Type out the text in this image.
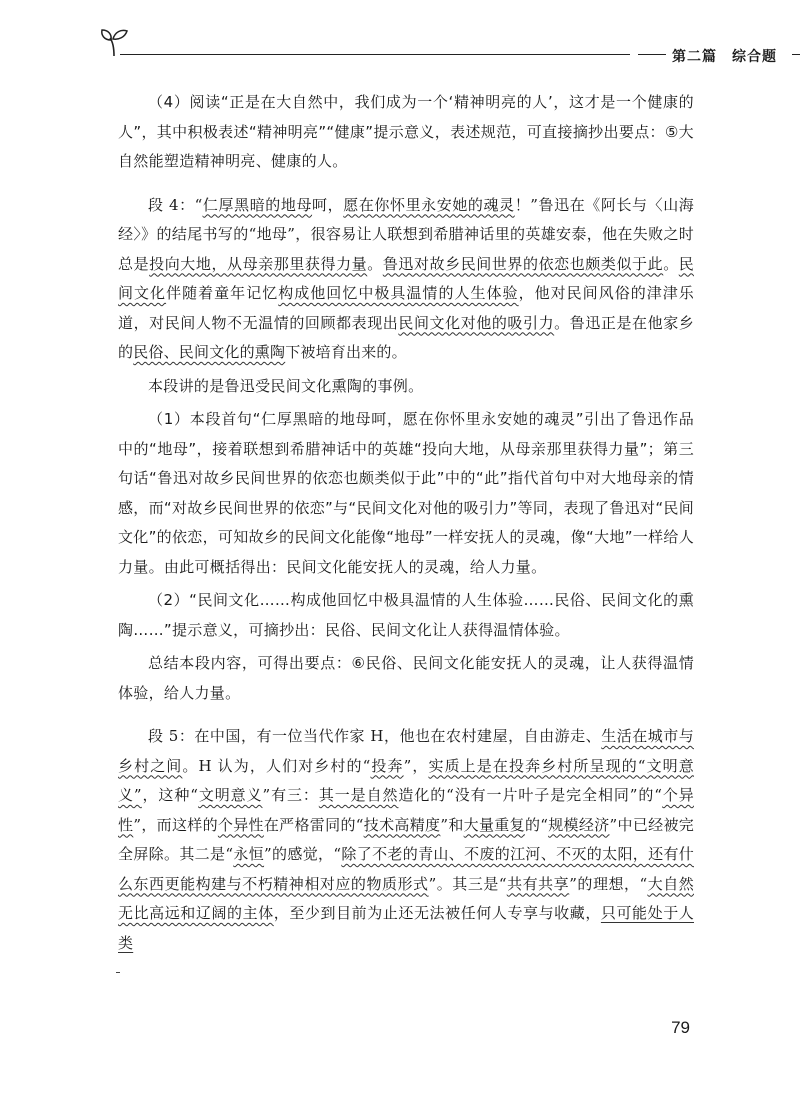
第二篇　综合题

（4）阅读“正是在大自然中，我们成为一个‘精神明亮的人’，这才是一个健康的人”，其中积极表述“精神明亮”“健康”提示意义，表述规范，可直接摘抄出要点：⑤大自然能塑造精神明亮、健康的人。

段 4：“仁厚黑暗的地母呵，愿在你怀里永安她的魂灵！”鲁迅在《阿长与〈山海经〉》的结尾书写的“地母”，很容易让人联想到希腊神话里的英雄安泰，他在失败之时总是投向大地，从母亲那里获得力量。鲁迅对故乡民间世界的依恋也颇类似于此。民间文化伴随着童年记忆构成他回忆中极具温情的人生体验，他对民间风俗的津津乐道，对民间人物不无温情的回顾都表现出民间文化对他的吸引力。鲁迅正是在他家乡的民俗、民间文化的熏陶下被培育出来的。

本段讲的是鲁迅受民间文化熏陶的事例。

（1）本段首句“仁厚黑暗的地母呵，愿在你怀里永安她的魂灵”引出了鲁迅作品中的“地母”，接着联想到希腊神话中的英雄“投向大地，从母亲那里获得力量”；第三句话“鲁迅对故乡民间世界的依恋也颇类似于此”中的“此”指代首句中对大地母亲的情感，而“对故乡民间世界的依恋”与“民间文化对他的吸引力”等同，表现了鲁迅对“民间文化”的依恋，可知故乡的民间文化能像“地母”一样安抚人的灵魂，像“大地”一样给人力量。由此可概括得出：民间文化能安抚人的灵魂，给人力量。

（2）“民间文化……构成他回忆中极具温情的人生体验……民俗、民间文化的熏陶……”提示意义，可摘抄出：民俗、民间文化让人获得温情体验。

总结本段内容，可得出要点：⑥民俗、民间文化能安抚人的灵魂，让人获得温情体验，给人力量。

段 5：在中国，有一位当代作家 H，他也在农村建屋，自由游走、生活在城市与乡村之间。H 认为，人们对乡村的“投奔”，实质上是在投奔乡村所呈现的“文明意义”，这种“文明意义”有三：其一是自然造化的“没有一片叶子是完全相同”的“个异性”，而这样的个异性在严格雷同的“技术高精度”和大量重复的“规模经济”中已经被完全屏除。其二是“永恒”的感觉，“除了不老的青山、不废的江河、不灭的太阳，还有什么东西更能构建与不朽精神相对应的物质形式”。其三是“共有共享”的理想，“大自然无比高远和辽阔的主体，至少到目前为止还无法被任何人专享与收藏，只可能处于人类

79
